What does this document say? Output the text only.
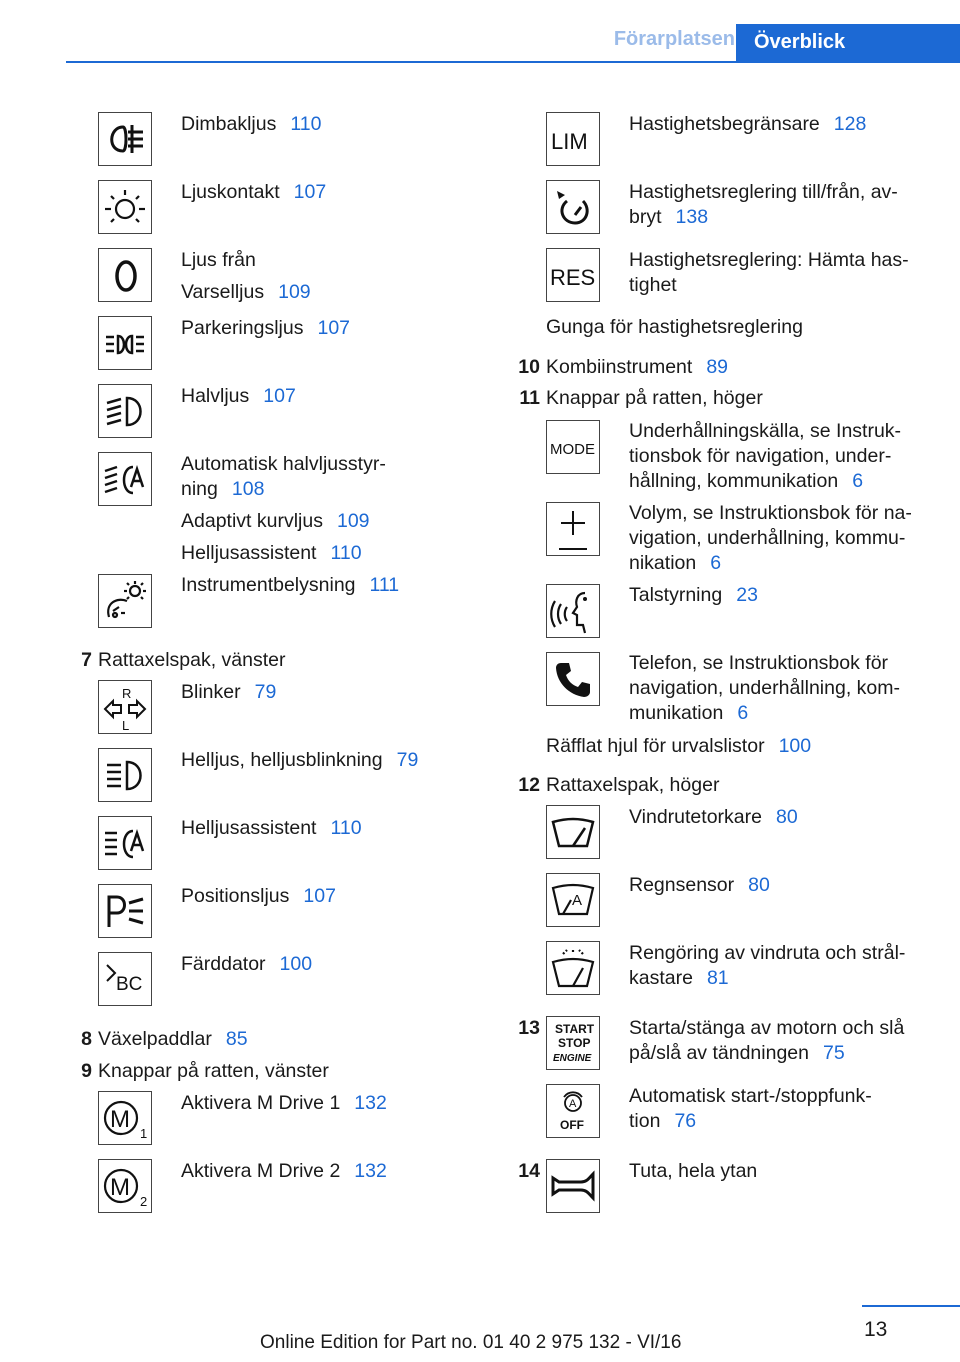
Förarplatsen Överblick
Dimbakljus 110
Ljuskontakt 107
Ljus från
Varselljus 109
Parkeringsljus 107
Halvljus 107
Automatisk halvljusstyr-
ning 108
Adaptivt kurvljus 109
Helljusassistent 110
Instrumentbelysning 111
7 Rattaxelspak, vänster
R
L
Blinker 79
Helljus, helljusblinkning 79
Helljusassistent 110
Positionsljus 107
BC
Färddator 100
8 Växelpaddlar 85
9 Knappar på ratten, vänster
M
1
Aktivera M Drive 1 132
M
2
Aktivera M Drive 2 132
LIM
Hastighetsbegränsare 128
Hastighetsreglering till/från, av-
bryt 138
RES
Hastighetsreglering: Hämta has-
tighet
Gunga för hastighetsreglering
10 Kombiinstrument 89
11 Knappar på ratten, höger
MODE
Underhållningskälla, se Instruk-
tionsbok för navigation, under-
hållning, kommunikation 6
Volym, se Instruktionsbok för na-
vigation, underhållning, kommu-
nikation 6
Talstyrning 23
Telefon, se Instruktionsbok för
navigation, underhållning, kom-
munikation 6
Räfflat hjul för urvalslistor 100
12 Rattaxelspak, höger
Vindrutetorkare 80
A
Regnsensor 80
Rengöring av vindruta och strål-
kastare 81
13 START
STOP
ENGINE
Starta/stänga av motorn och slå
på/slå av tändningen 75
A
OFF
Automatisk start-/stoppfunk-
tion 76
14	Tuta, hela ytan
13
Online Edition for Part no. 01 40 2 975 132 - VI/16
